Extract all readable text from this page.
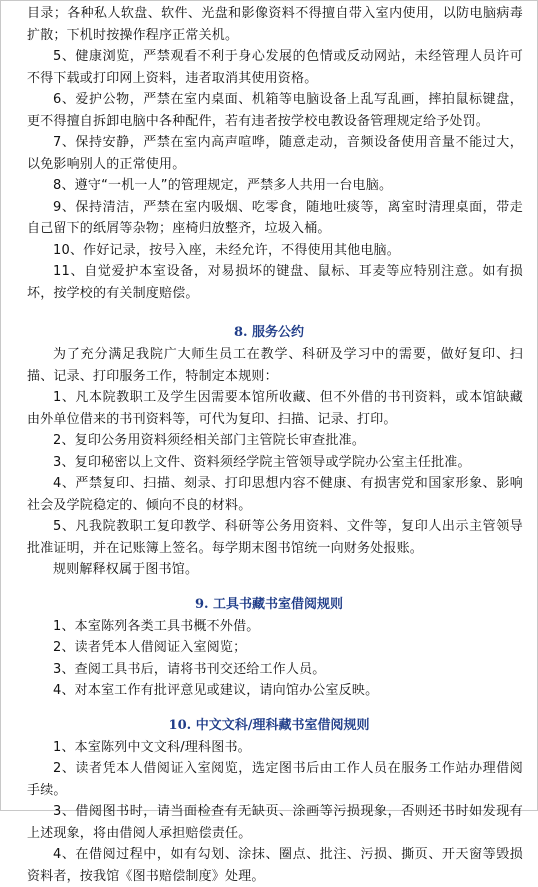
目录；各种私人软盘、软件、光盘和影像资料不得擅自带入室内使用，以防电脑病毒扩散；下机时按操作程序正常关机。

5、健康浏览，严禁观看不利于身心发展的色情或反动网站，未经管理人员许可不得下载或打印网上资料，违者取消其使用资格。

6、爱护公物，严禁在室内桌面、机箱等电脑设备上乱写乱画，摔拍鼠标键盘，更不得擅自拆卸电脑中各种配件，若有违者按学校电教设备管理规定给予处罚。

7、保持安静，严禁在室内高声喧哗，随意走动，音频设备使用音量不能过大，以免影响别人的正常使用。

8、遵守“一机一人”的管理规定，严禁多人共用一台电脑。

9、保持清洁，严禁在室内吸烟、吃零食，随地吐痰等，离室时清理桌面，带走自己留下的纸屑等杂物；座椅归放整齐，垃圾入桶。

10、作好记录，按号入座，未经允许，不得使用其他电脑。

11、自觉爱护本室设备，对易损坏的键盘、鼠标、耳麦等应特别注意。如有损坏，按学校的有关制度赔偿。

8. 服务公约

为了充分满足我院广大师生员工在教学、科研及学习中的需要，做好复印、扫描、记录、打印服务工作，特制定本规则：

1、凡本院教职工及学生因需要本馆所收藏、但不外借的书刊资料，或本馆缺藏由外单位借来的书刊资料等，可代为复印、扫描、记录、打印。

2、复印公务用资料须经相关部门主管院长审查批准。

3、复印秘密以上文件、资料须经学院主管领导或学院办公室主任批准。

4、严禁复印、扫描、刻录、打印思想内容不健康、有损害党和国家形象、影响社会及学院稳定的、倾向不良的材料。

5、凡我院教职工复印教学、科研等公务用资料、文件等，复印人出示主管领导批准证明，并在记账簿上签名。每学期末图书馆统一向财务处报账。

规则解释权属于图书馆。

9. 工具书藏书室借阅规则

1、本室陈列各类工具书概不外借。

2、读者凭本人借阅证入室阅览；

3、查阅工具书后，请将书刊交还给工作人员。

4、对本室工作有批评意见或建议，请向馆办公室反映。

10. 中文文科/理科藏书室借阅规则

1、本室陈列中文文科/理科图书。

2、读者凭本人借阅证入室阅览，选定图书后由工作人员在服务工作站办理借阅手续。

3、借阅图书时，请当面检查有无缺页、涂画等污损现象，否则还书时如发现有上述现象，将由借阅人承担赔偿责任。

4、在借阅过程中，如有勾划、涂抹、圈点、批注、污损、撕页、开天窗等毁损资料者，按我馆《图书赔偿制度》处理。
